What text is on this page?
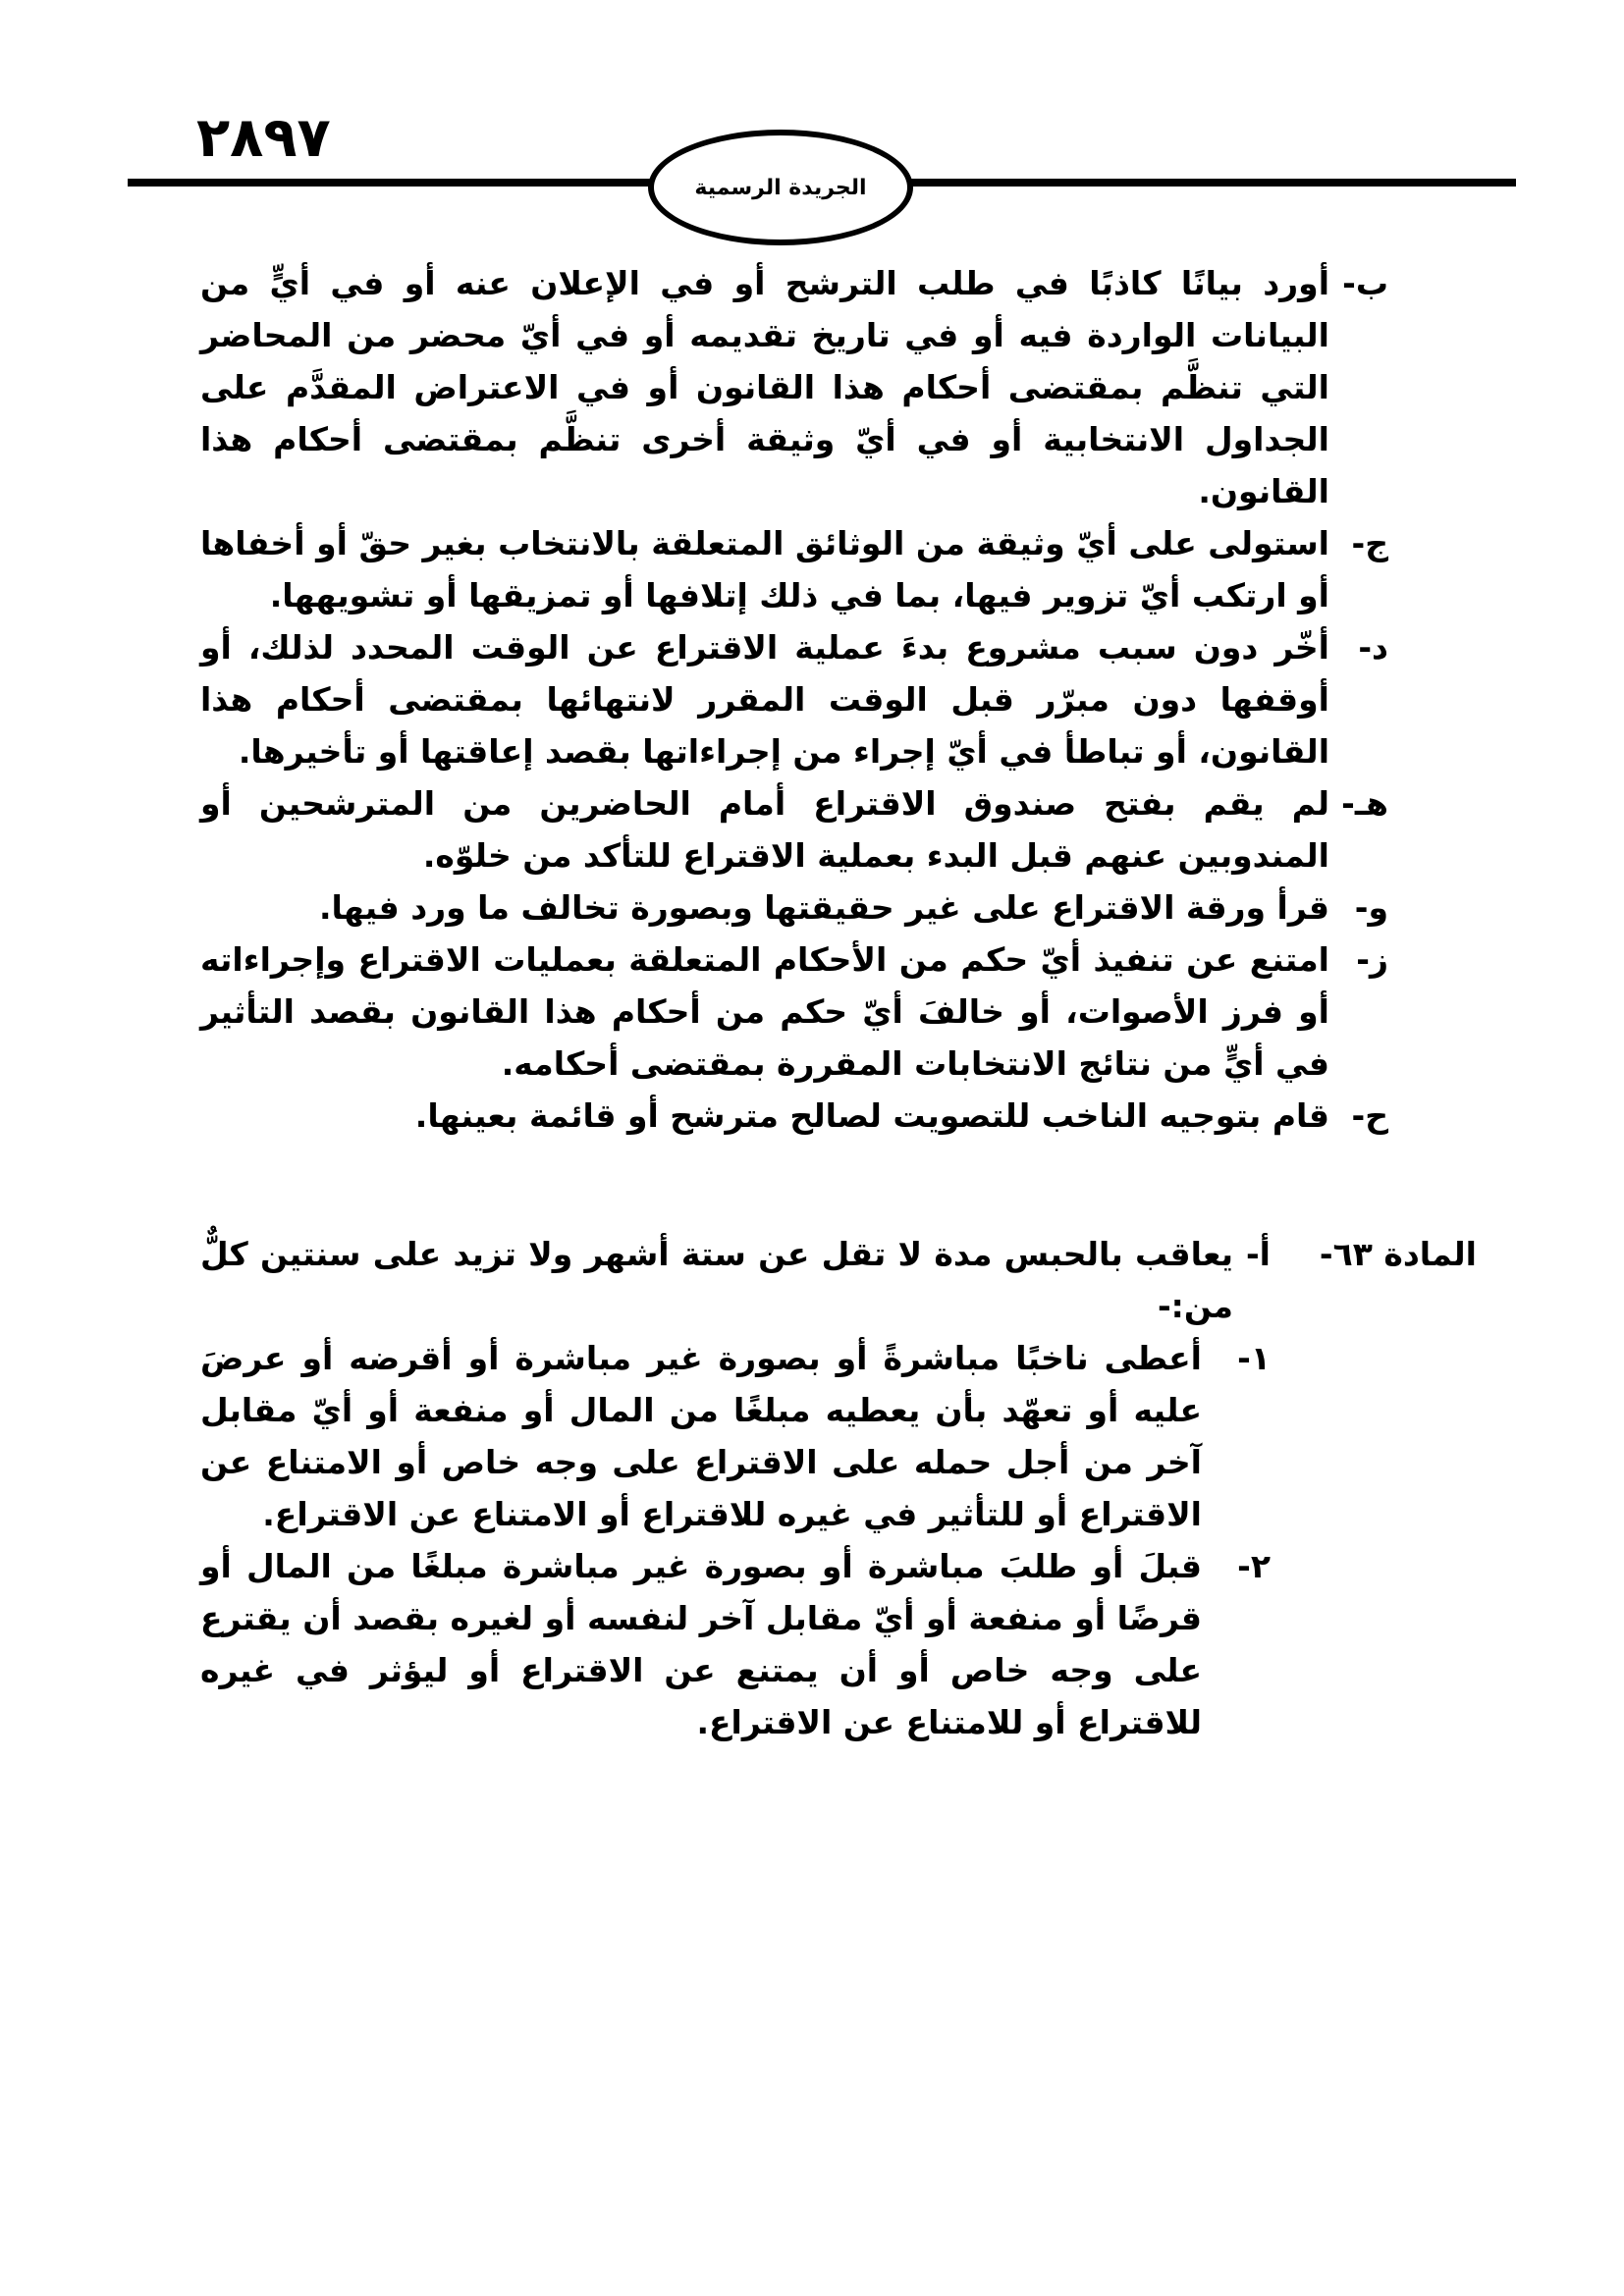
٢٨٩٧
الجريدة الرسمية
ب-
أورد بيانًا كاذبًا في طلب الترشح أو في الإعلان عنه أو في أيٍّ من البيانات الواردة فيه أو في تاريخ تقديمه أو في أيّ محضر من المحاضر التي تنظَّم بمقتضى أحكام هذا القانون أو في الاعتراض المقدَّم على الجداول الانتخابية أو في أيّ وثيقة أخرى تنظَّم بمقتضى أحكام هذا القانون.
ج-
استولى على أيّ وثيقة من الوثائق المتعلقة بالانتخاب بغير حقّ أو أخفاها أو ارتكب أيّ تزوير فيها، بما في ذلك إتلافها أو تمزيقها أو تشويهها.
د-
أخّر دون سبب مشروع بدءَ عملية الاقتراع عن الوقت المحدد لذلك، أو أوقفها دون مبرّر قبل الوقت المقرر لانتهائها بمقتضى أحكام هذا القانون، أو تباطأ في أيّ إجراء من إجراءاتها بقصد إعاقتها أو تأخيرها.
هـ-
لم يقم بفتح صندوق الاقتراع أمام الحاضرين من المترشحين أو المندوبين عنهم قبل البدء بعملية الاقتراع للتأكد من خلوّه.
و-
قرأ ورقة الاقتراع على غير حقيقتها وبصورة تخالف ما ورد فيها.
ز-
امتنع عن تنفيذ أيّ حكم من الأحكام المتعلقة بعمليات الاقتراع وإجراءاته أو فرز الأصوات، أو خالفَ أيّ حكم من أحكام هذا القانون بقصد التأثير في أيٍّ من نتائج الانتخابات المقررة بمقتضى أحكامه.
ح-
قام بتوجيه الناخب للتصويت لصالح مترشح أو قائمة بعينها.
المادة ٦٣-
أ-
يعاقب بالحبس مدة لا تقل عن ستة أشهر ولا تزيد على سنتين كلٌّ من:-
١-
أعطى ناخبًا مباشرةً أو بصورة غير مباشرة أو أقرضه أو عرضَ عليه أو تعهّد بأن يعطيه مبلغًا من المال أو منفعة أو أيّ مقابل آخر من أجل حمله على الاقتراع على وجه خاص أو الامتناع عن الاقتراع أو للتأثير في غيره للاقتراع أو الامتناع عن الاقتراع.
٢-
قبلَ أو طلبَ مباشرة أو بصورة غير مباشرة مبلغًا من المال أو قرضًا أو منفعة أو أيّ مقابل آخر لنفسه أو لغيره بقصد أن يقترع على وجه خاص أو أن يمتنع عن الاقتراع أو ليؤثر في غيره للاقتراع أو للامتناع عن الاقتراع.
